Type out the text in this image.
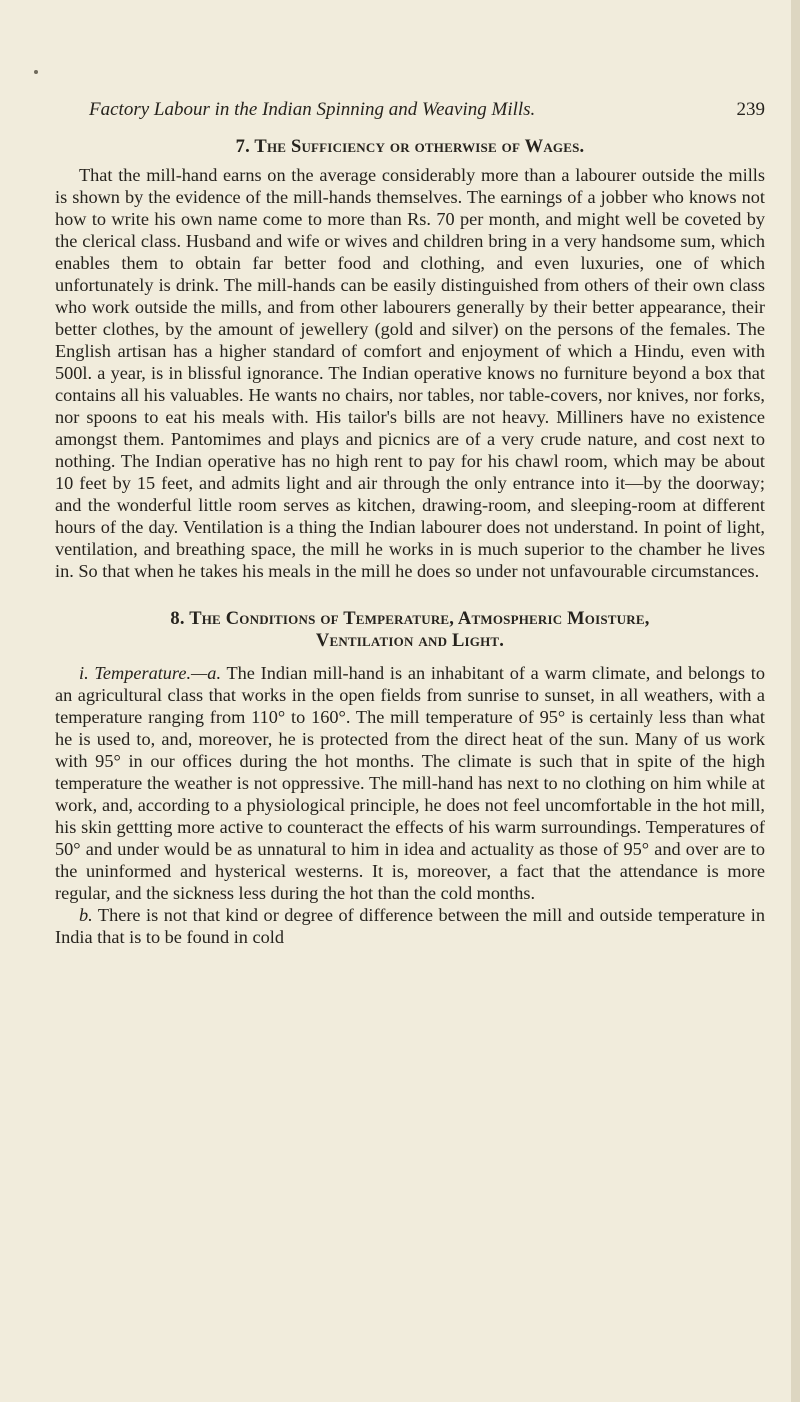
Factory Labour in the Indian Spinning and Weaving Mills.	239
7. The Sufficiency or otherwise of Wages.

That the mill-hand earns on the average considerably more than a labourer outside the mills is shown by the evidence of the mill-hands themselves. The earnings of a jobber who knows not how to write his own name come to more than Rs. 70 per month, and might well be coveted by the clerical class. Husband and wife or wives and children bring in a very handsome sum, which enables them to obtain far better food and clothing, and even luxuries, one of which unfortunately is drink. The mill-hands can be easily distinguished from others of their own class who work outside the mills, and from other labourers generally by their better appearance, their better clothes, by the amount of jewellery (gold and silver) on the persons of the females. The English artisan has a higher standard of comfort and enjoyment of which a Hindu, even with 500l. a year, is in blissful ignorance. The Indian operative knows no furniture beyond a box that contains all his valuables. He wants no chairs, nor tables, nor table-covers, nor knives, nor forks, nor spoons to eat his meals with. His tailor's bills are not heavy. Milliners have no existence amongst them. Pantomimes and plays and picnics are of a very crude nature, and cost next to nothing. The Indian operative has no high rent to pay for his chawl room, which may be about 10 feet by 15 feet, and admits light and air through the only entrance into it—by the doorway; and the wonderful little room serves as kitchen, drawing-room, and sleeping-room at different hours of the day. Ventilation is a thing the Indian labourer does not understand. In point of light, ventilation, and breathing space, the mill he works in is much superior to the chamber he lives in. So that when he takes his meals in the mill he does so under not unfavourable circumstances.

8. The Conditions of Temperature, Atmospheric Moisture,
Ventilation and Light.

i. Temperature.—a. The Indian mill-hand is an inhabitant of a warm climate, and belongs to an agricultural class that works in the open fields from sunrise to sunset, in all weathers, with a temperature ranging from 110° to 160°. The mill temperature of 95° is certainly less than what he is used to, and, moreover, he is protected from the direct heat of the sun. Many of us work with 95° in our offices during the hot months. The climate is such that in spite of the high temperature the weather is not oppressive. The mill-hand has next to no clothing on him while at work, and, according to a physiological principle, he does not feel uncomfortable in the hot mill, his skin gettting more active to counteract the effects of his warm surroundings. Temperatures of 50° and under would be as unnatural to him in idea and actuality as those of 95° and over are to the uninformed and hysterical westerns. It is, moreover, a fact that the attendance is more regular, and the sickness less during the hot than the cold months.

b. There is not that kind or degree of difference between the mill and outside temperature in India that is to be found in cold
